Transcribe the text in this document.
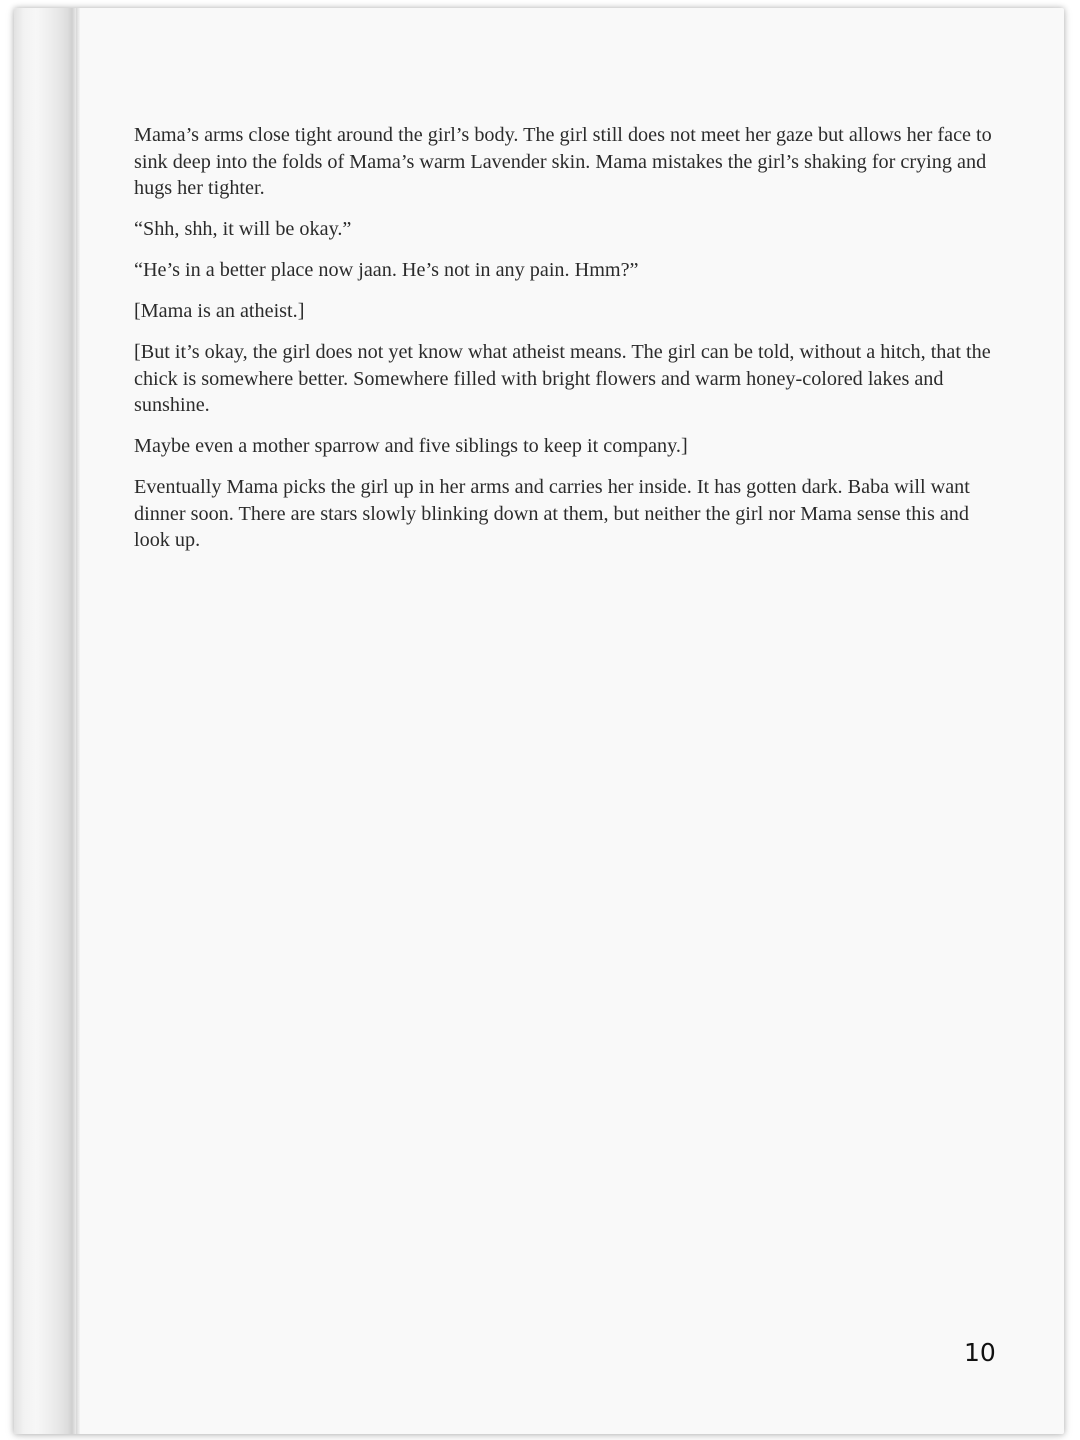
Mama’s arms close tight around the girl’s body. The girl still does not meet her gaze but allows her face to sink deep into the folds of Mama’s warm Lavender skin. Mama mistakes the girl’s shaking for crying and hugs her tighter.

“Shh, shh, it will be okay.”

“He’s in a better place now jaan. He’s not in any pain. Hmm?”

[Mama is an atheist.]

[But it’s okay, the girl does not yet know what atheist means. The girl can be told, without a hitch, that the chick is somewhere better. Somewhere filled with bright flowers and warm honey-colored lakes and sunshine.

Maybe even a mother sparrow and five siblings to keep it company.]

Eventually Mama picks the girl up in her arms and carries her inside. It has gotten dark. Baba will want dinner soon. There are stars slowly blinking down at them, but neither the girl nor Mama sense this and look up.

10
